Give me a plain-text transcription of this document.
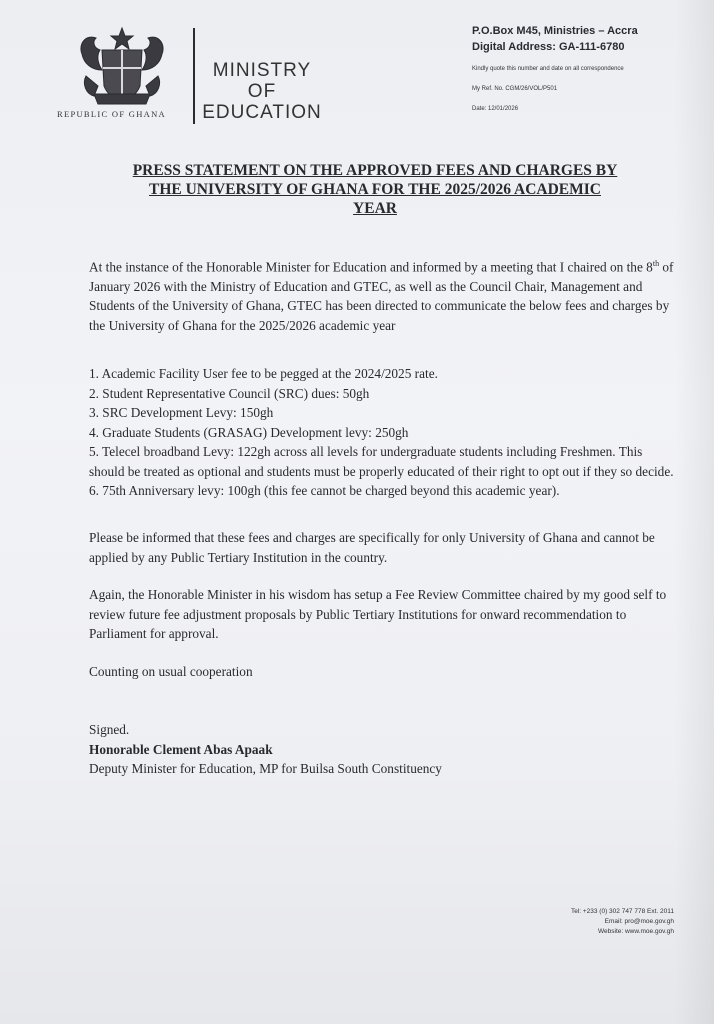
REPUBLIC OF GHANA
MINISTRY
OF
EDUCATION
P.O.Box M45, Ministries – Accra
Digital Address: GA-111-6780
Kindly quote this number and date on all correspondence
My Ref. No. CGM/26/VOL/P501
Date: 12/01/2026
PRESS STATEMENT ON THE APPROVED FEES AND CHARGES BY
THE UNIVERSITY OF GHANA FOR THE 2025/2026 ACADEMIC
YEAR
At the instance of the Honorable Minister for Education and informed by a meeting that I chaired on the 8th of January 2026 with the Ministry of Education and GTEC, as well as the Council Chair, Management and Students of the University of Ghana, GTEC has been directed to communicate the below fees and charges by the University of Ghana for the 2025/2026 academic year
1. Academic Facility User fee to be pegged at the 2024/2025 rate.
2. Student Representative Council (SRC) dues: 50gh
3. SRC Development Levy: 150gh
4. Graduate Students (GRASAG) Development levy: 250gh
5. Telecel broadband Levy: 122gh across all levels for undergraduate students including Freshmen. This should be treated as optional and students must be properly educated of their right to opt out if they so decide.
6. 75th Anniversary levy: 100gh (this fee cannot be charged beyond this academic year).
Please be informed that these fees and charges are specifically for only University of Ghana and cannot be applied by any Public Tertiary Institution in the country.
Again, the Honorable Minister in his wisdom has setup a Fee Review Committee chaired by my good self to review future fee adjustment proposals by Public Tertiary Institutions for onward recommendation to Parliament for approval.
Counting on usual cooperation
Signed.
Honorable Clement Abas Apaak
Deputy Minister for Education, MP for Builsa South Constituency
Tel: +233 (0) 302 747 778 Ext. 2011
Email: pro@moe.gov.gh
Website: www.moe.gov.gh
